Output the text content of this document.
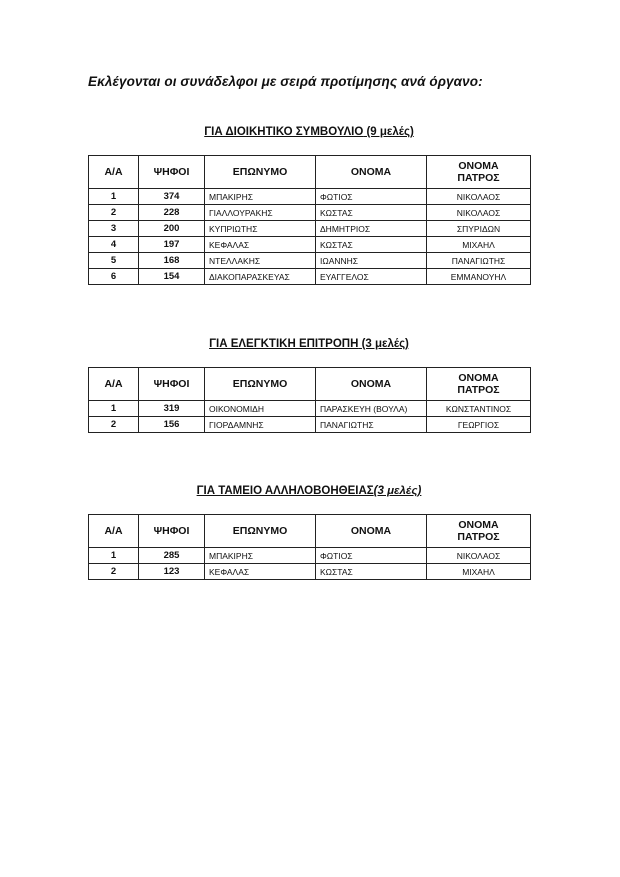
Εκλέγονται οι συνάδελφοι με σειρά προτίμησης ανά όργανο:
ΓΙΑ ΔΙΟΙΚΗΤΙΚΟ ΣΥΜΒΟΥΛΙΟ (9 μελές)
Α/Α	ΨΗΦΟΙ	ΕΠΩΝΥΜΟ	ΟΝΟΜΑ	ΟΝΟΜΑ
ΠΑΤΡΟΣ
1	374	ΜΠΑΚΙΡΗΣ	ΦΩΤΙΟΣ	ΝΙΚΟΛΑΟΣ
2	228	ΓΙΑΛΛΟΥΡΑΚΗΣ	ΚΩΣΤΑΣ	ΝΙΚΟΛΑΟΣ
3	200	ΚΥΠΡΙΩΤΗΣ	ΔΗΜΗΤΡΙΟΣ	ΣΠΥΡΙΔΩΝ
4	197	ΚΕΦΑΛΑΣ	ΚΩΣΤΑΣ	ΜΙΧΑΗΛ
5	168	ΝΤΕΛΛΑΚΗΣ	ΙΩΑΝΝΗΣ	ΠΑΝΑΓΙΩΤΗΣ
6	154	ΔΙΑΚΟΠΑΡΑΣΚΕΥΑΣ	ΕΥΑΓΓΕΛΟΣ	ΕΜΜΑΝΟΥΗΛ
ΓΙΑ ΕΛΕΓΚΤΙΚΗ ΕΠΙΤΡΟΠΗ (3 μελές)
Α/Α	ΨΗΦΟΙ	ΕΠΩΝΥΜΟ	ΟΝΟΜΑ	ΟΝΟΜΑ
ΠΑΤΡΟΣ
1	319	ΟΙΚΟΝΟΜΙΔΗ	ΠΑΡΑΣΚΕΥΗ (ΒΟΥΛΑ)	ΚΩΝΣΤΑΝΤΙΝΟΣ
2	156	ΓΙΟΡΔΑΜΝΗΣ	ΠΑΝΑΓΙΩΤΗΣ	ΓΕΩΡΓΙΟΣ
ΓΙΑ ΤΑΜΕΙΟ ΑΛΛΗΛΟΒΟΗΘΕΙΑΣ(3 μελές)
Α/Α	ΨΗΦΟΙ	ΕΠΩΝΥΜΟ	ΟΝΟΜΑ	ΟΝΟΜΑ
ΠΑΤΡΟΣ
1	285	ΜΠΑΚΙΡΗΣ	ΦΩΤΙΟΣ	ΝΙΚΟΛΑΟΣ
2	123	ΚΕΦΑΛΑΣ	ΚΩΣΤΑΣ	ΜΙΧΑΗΛ
